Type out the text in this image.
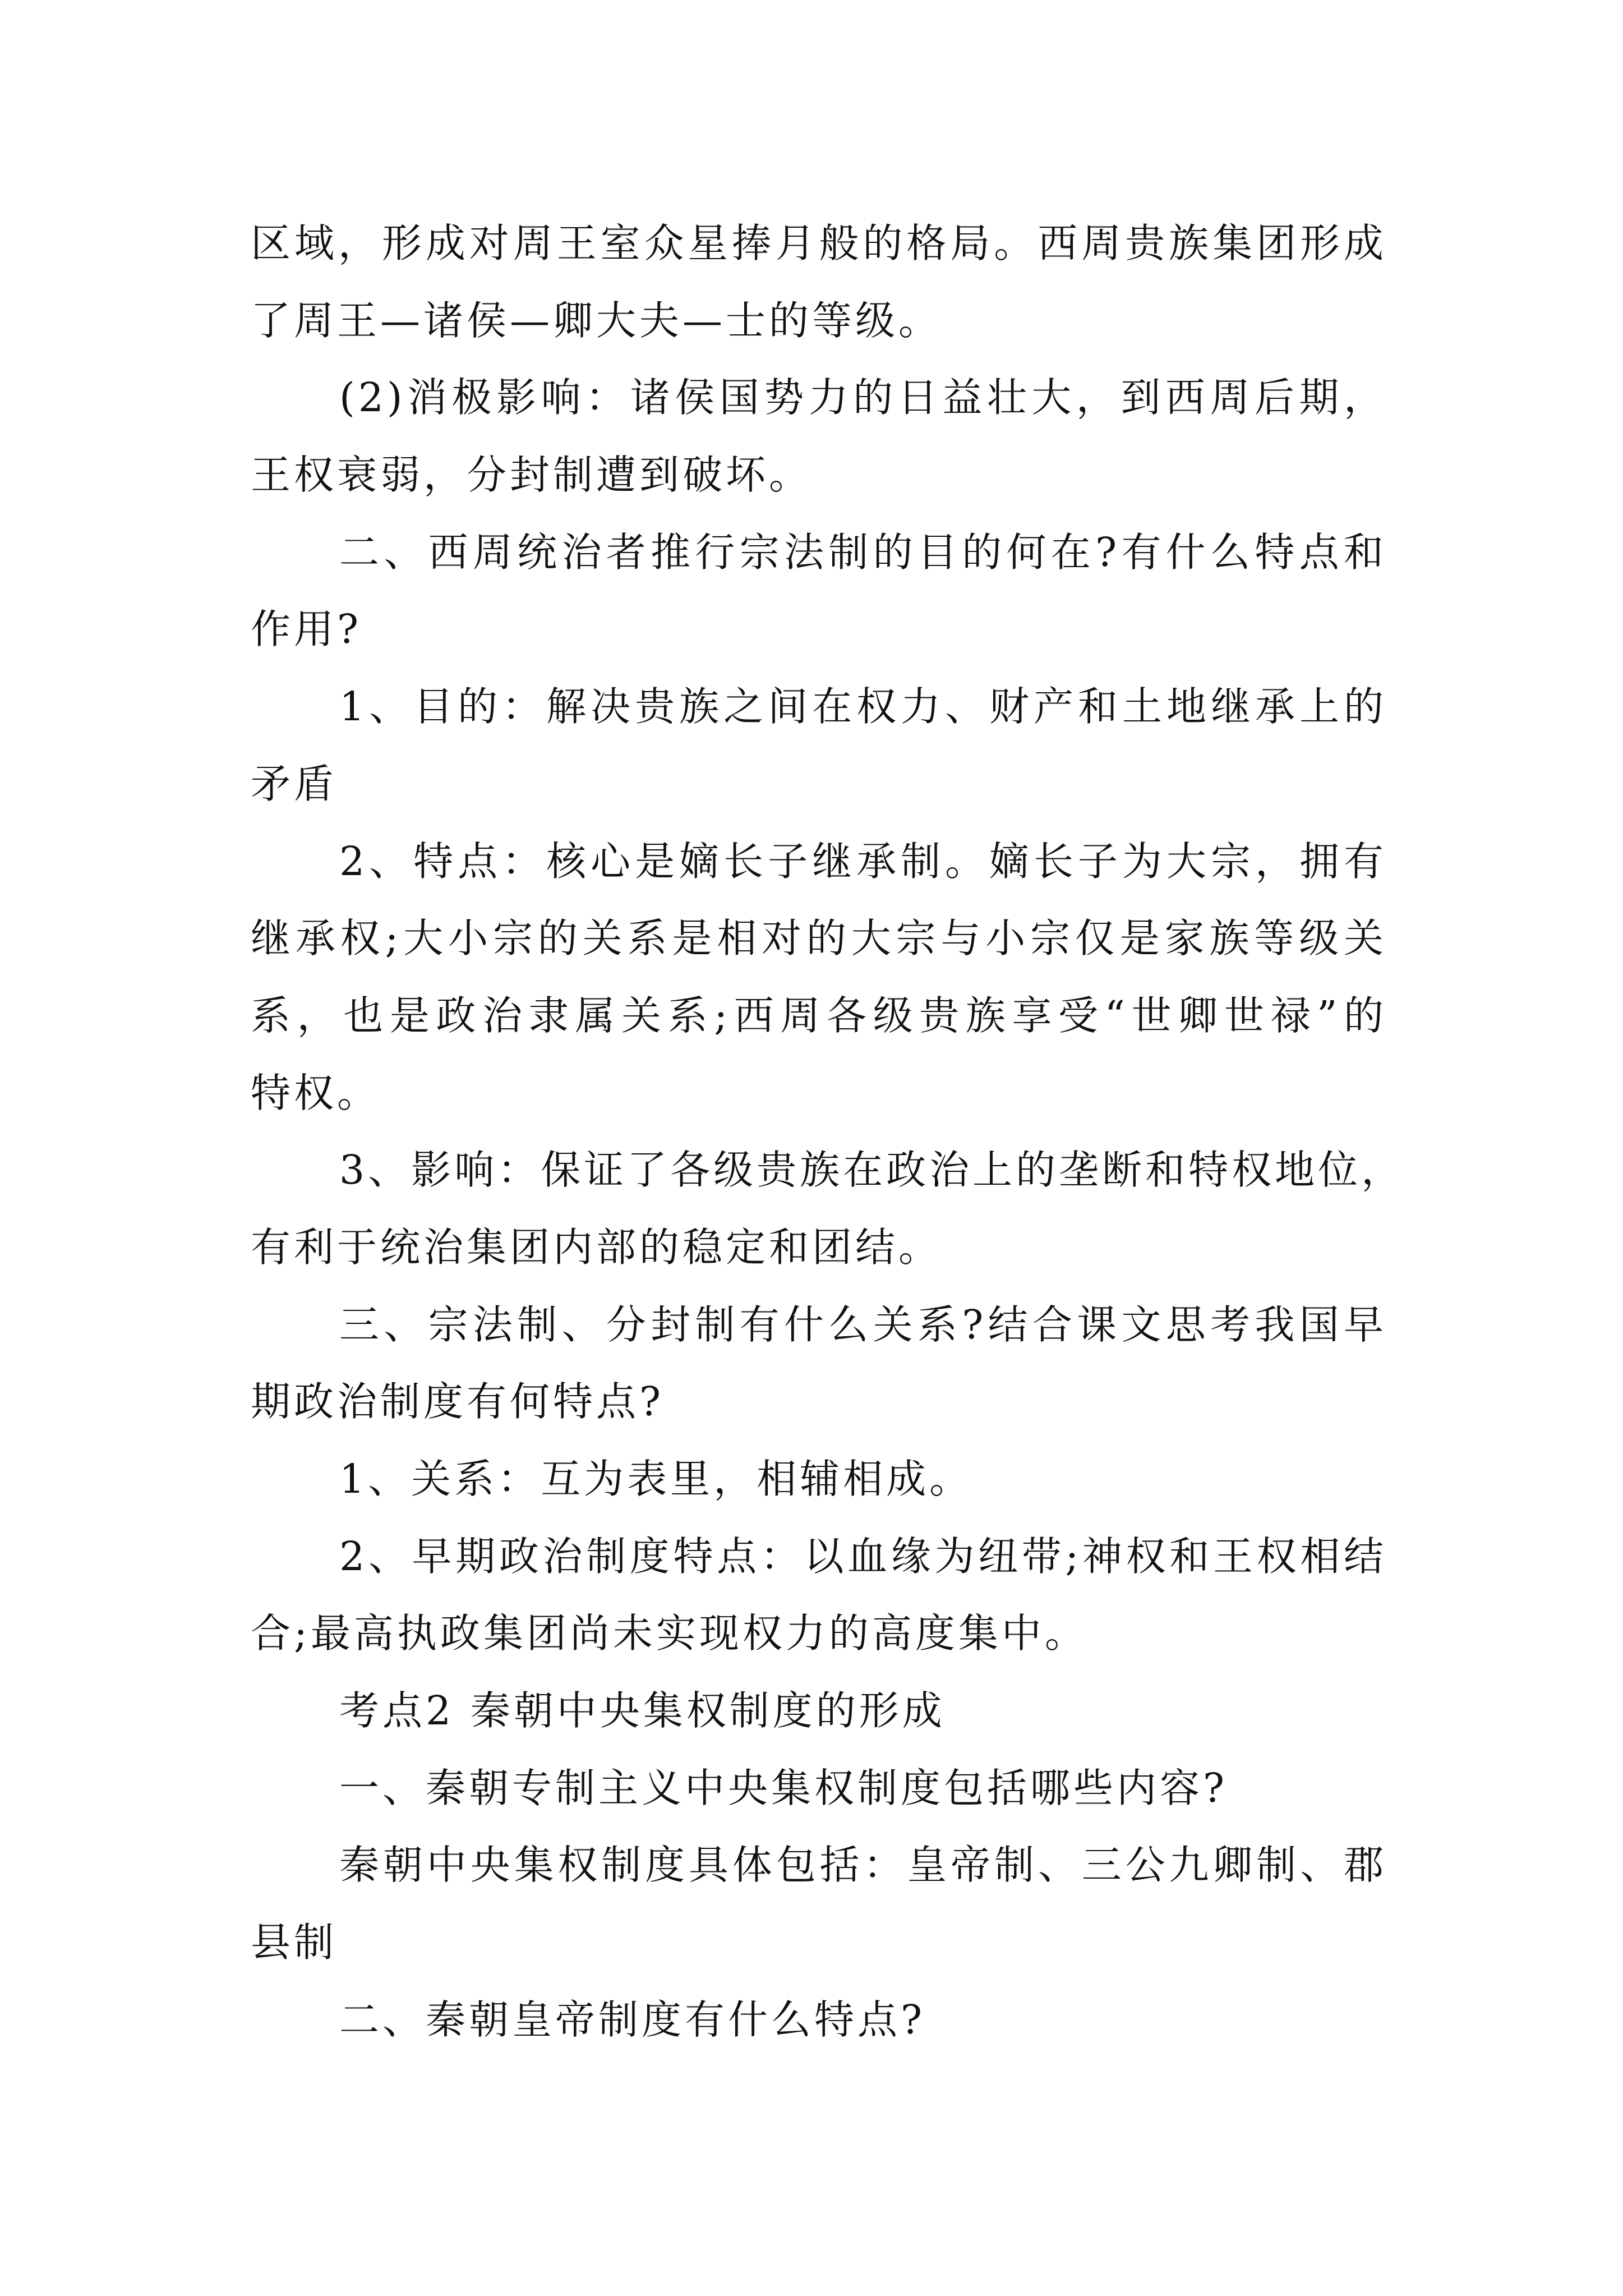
区域，形成对周王室众星捧月般的格局。西周贵族集团形成
了周王—诸侯—卿大夫—士的等级。
(2)消极影响：诸侯国势力的日益壮大，到西周后期，
王权衰弱，分封制遭到破坏。
二、西周统治者推行宗法制的目的何在?有什么特点和
作用?
1、目的：解决贵族之间在权力、财产和土地继承上的
矛盾
2、特点：核心是嫡长子继承制。嫡长子为大宗，拥有
继承权;大小宗的关系是相对的大宗与小宗仅是家族等级关
系，也是政治隶属关系;西周各级贵族享受“世卿世禄”的
特权。
3、影响：保证了各级贵族在政治上的垄断和特权地位，
有利于统治集团内部的稳定和团结。
三、宗法制、分封制有什么关系?结合课文思考我国早
期政治制度有何特点?
1、关系：互为表里，相辅相成。
2、早期政治制度特点：以血缘为纽带;神权和王权相结
合;最高执政集团尚未实现权力的高度集中。
考点2 秦朝中央集权制度的形成
一、秦朝专制主义中央集权制度包括哪些内容?
秦朝中央集权制度具体包括：皇帝制、三公九卿制、郡
县制
二、秦朝皇帝制度有什么特点?
